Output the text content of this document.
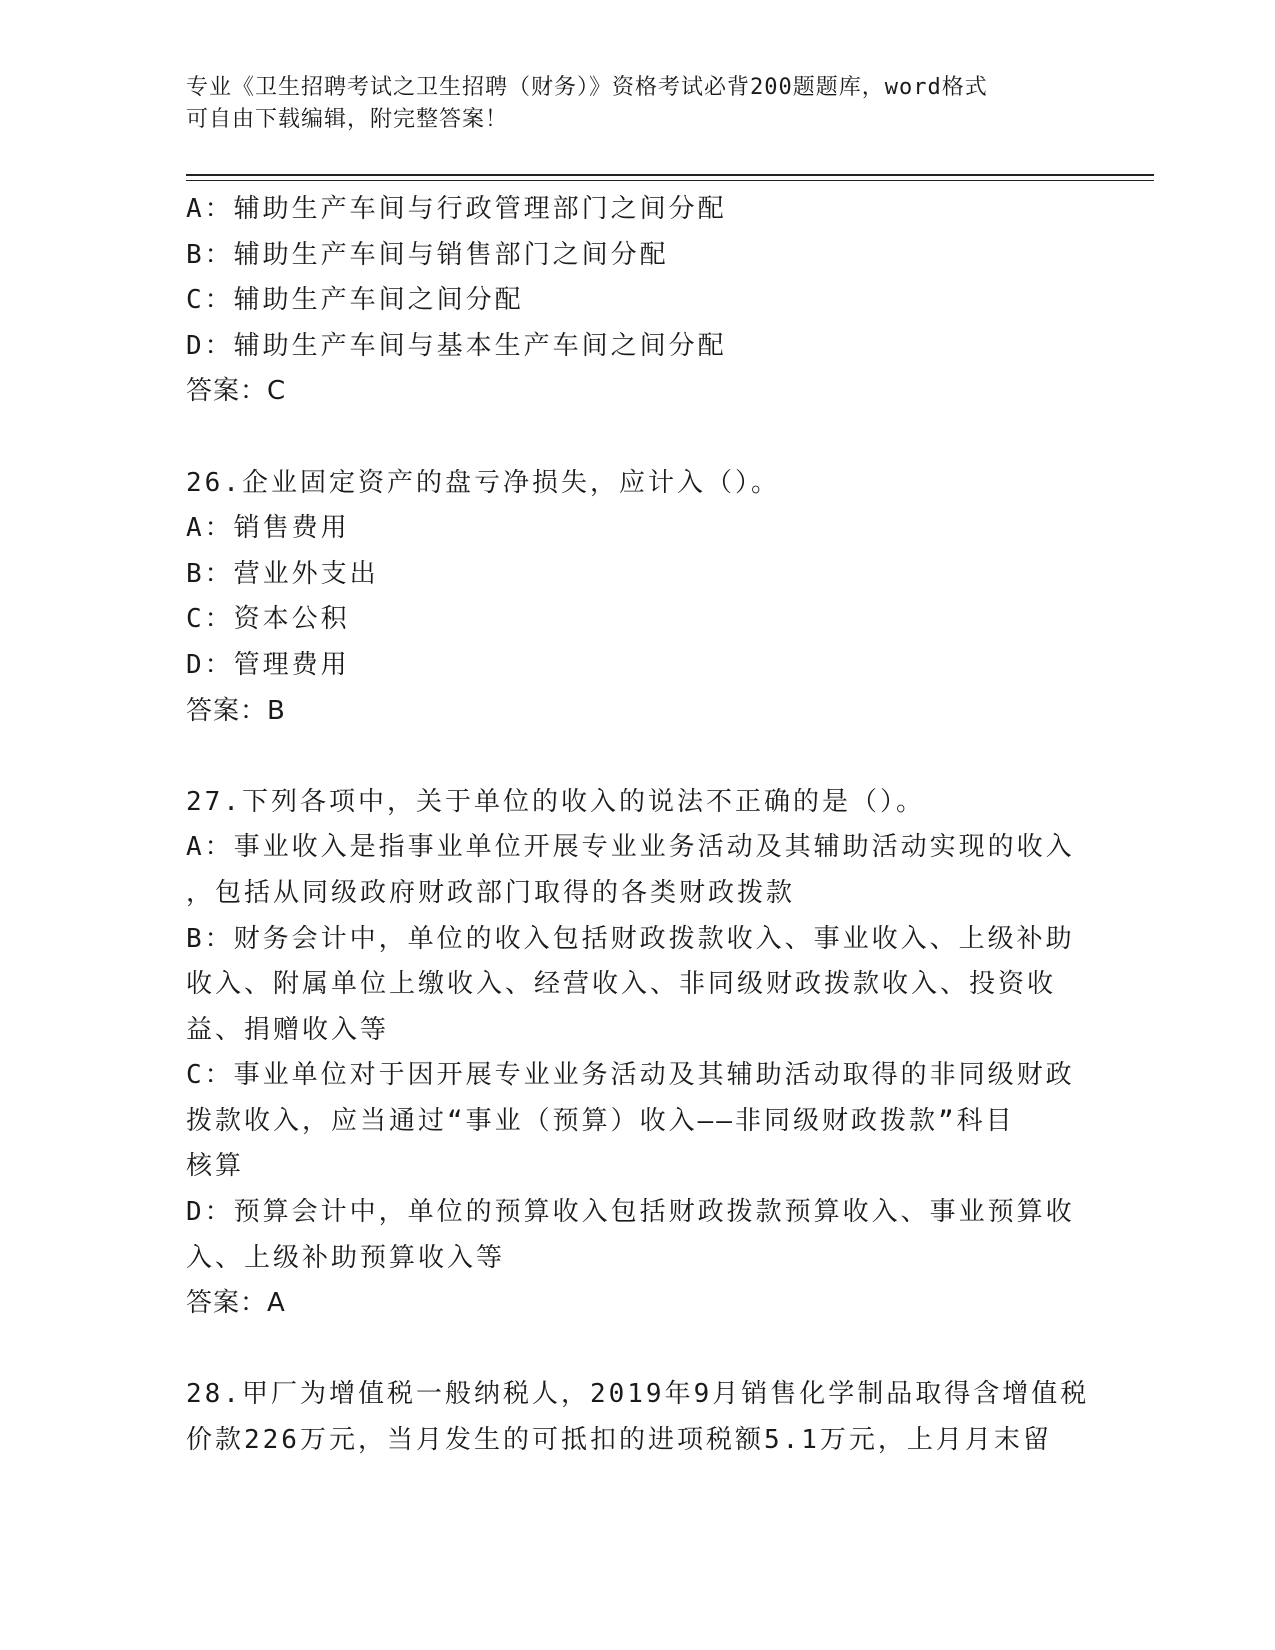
专业《卫生招聘考试之卫生招聘（财务）》资格考试必背200题题库，word格式
可自由下载编辑，附完整答案！
A：辅助生产车间与行政管理部门之间分配
B：辅助生产车间与销售部门之间分配
C：辅助生产车间之间分配
D：辅助生产车间与基本生产车间之间分配
答案：C
26.企业固定资产的盘亏净损失，应计入（）。
A：销售费用
B：营业外支出
C：资本公积
D：管理费用
答案：B
27.下列各项中，关于单位的收入的说法不正确的是（）。
A：事业收入是指事业单位开展专业业务活动及其辅助活动实现的收入
，包括从同级政府财政部门取得的各类财政拨款
B：财务会计中，单位的收入包括财政拨款收入、事业收入、上级补助
收入、附属单位上缴收入、经营收入、非同级财政拨款收入、投资收
益、捐赠收入等
C：事业单位对于因开展专业业务活动及其辅助活动取得的非同级财政
拨款收入，应当通过“事业（预算）收入——非同级财政拨款”科目
核算
D：预算会计中，单位的预算收入包括财政拨款预算收入、事业预算收
入、上级补助预算收入等
答案：A
28.甲厂为增值税一般纳税人，2019年9月销售化学制品取得含增值税
价款226万元，当月发生的可抵扣的进项税额5.1万元，上月月末留
